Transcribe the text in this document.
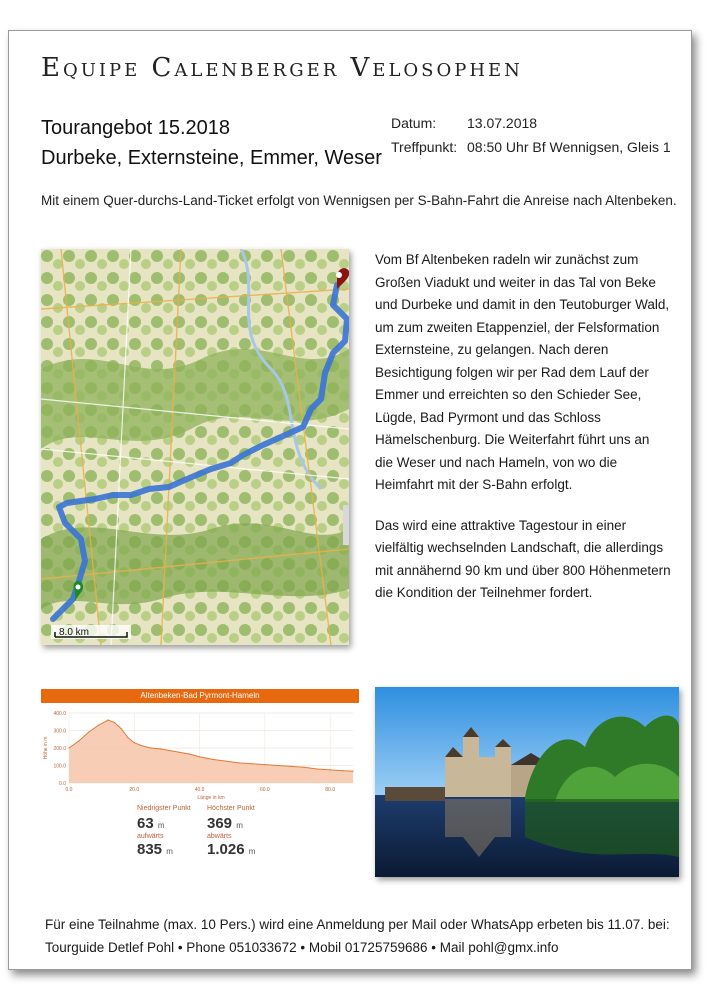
Equipe Calenberger Velosophen
Tourangebot 15.2018
Durbeke, Externsteine, Emmer, Weser
Datum:	13.07.2018
Treffpunkt: 08:50 Uhr Bf Wennigsen, Gleis 1
Mit einem Quer-durchs-Land-Ticket erfolgt von Wennigsen per S-Bahn-Fahrt die Anreise nach Altenbeken.
8.0 km

Vom Bf Altenbeken radeln wir zunächst zum Großen Viadukt und weiter in das Tal von Beke und Durbeke und damit in den Teutoburger Wald, um zum zweiten Etappenziel, der Felsformation Externsteine, zu gelangen. Nach deren Besichtigung folgen wir per Rad dem Lauf der Emmer und erreichten so den Schieder See, Lügde, Bad Pyrmont und das Schloss Hämelschenburg. Die Weiterfahrt führt uns an die Weser und nach Hameln, von wo die Heimfahrt mit der S-Bahn erfolgt.

Das wird eine attraktive Tagestour in einer vielfältig wechselnden Landschaft, die allerdings mit annähernd 90 km und über 800 Höhenmetern die Kondition der Teilnehmer fordert.

Altenbeken-Bad Pyrmont-Hameln
0.0
100.0
200.0
300.0
400.0
0.0	20.0	40.0	60.0	80.0
Länge in km
Höhe in m
Niedrigster Punkt
63 m
Höchster Punkt
369 m
aufwärts
835 m
abwärts
1.026 m
Für eine Teilnahme (max. 10 Pers.) wird eine Anmeldung per Mail oder WhatsApp erbeten bis 11.07. bei:
Tourguide Detlef Pohl • Phone 051033672 • Mobil 01725759686 • Mail pohl@gmx.info
